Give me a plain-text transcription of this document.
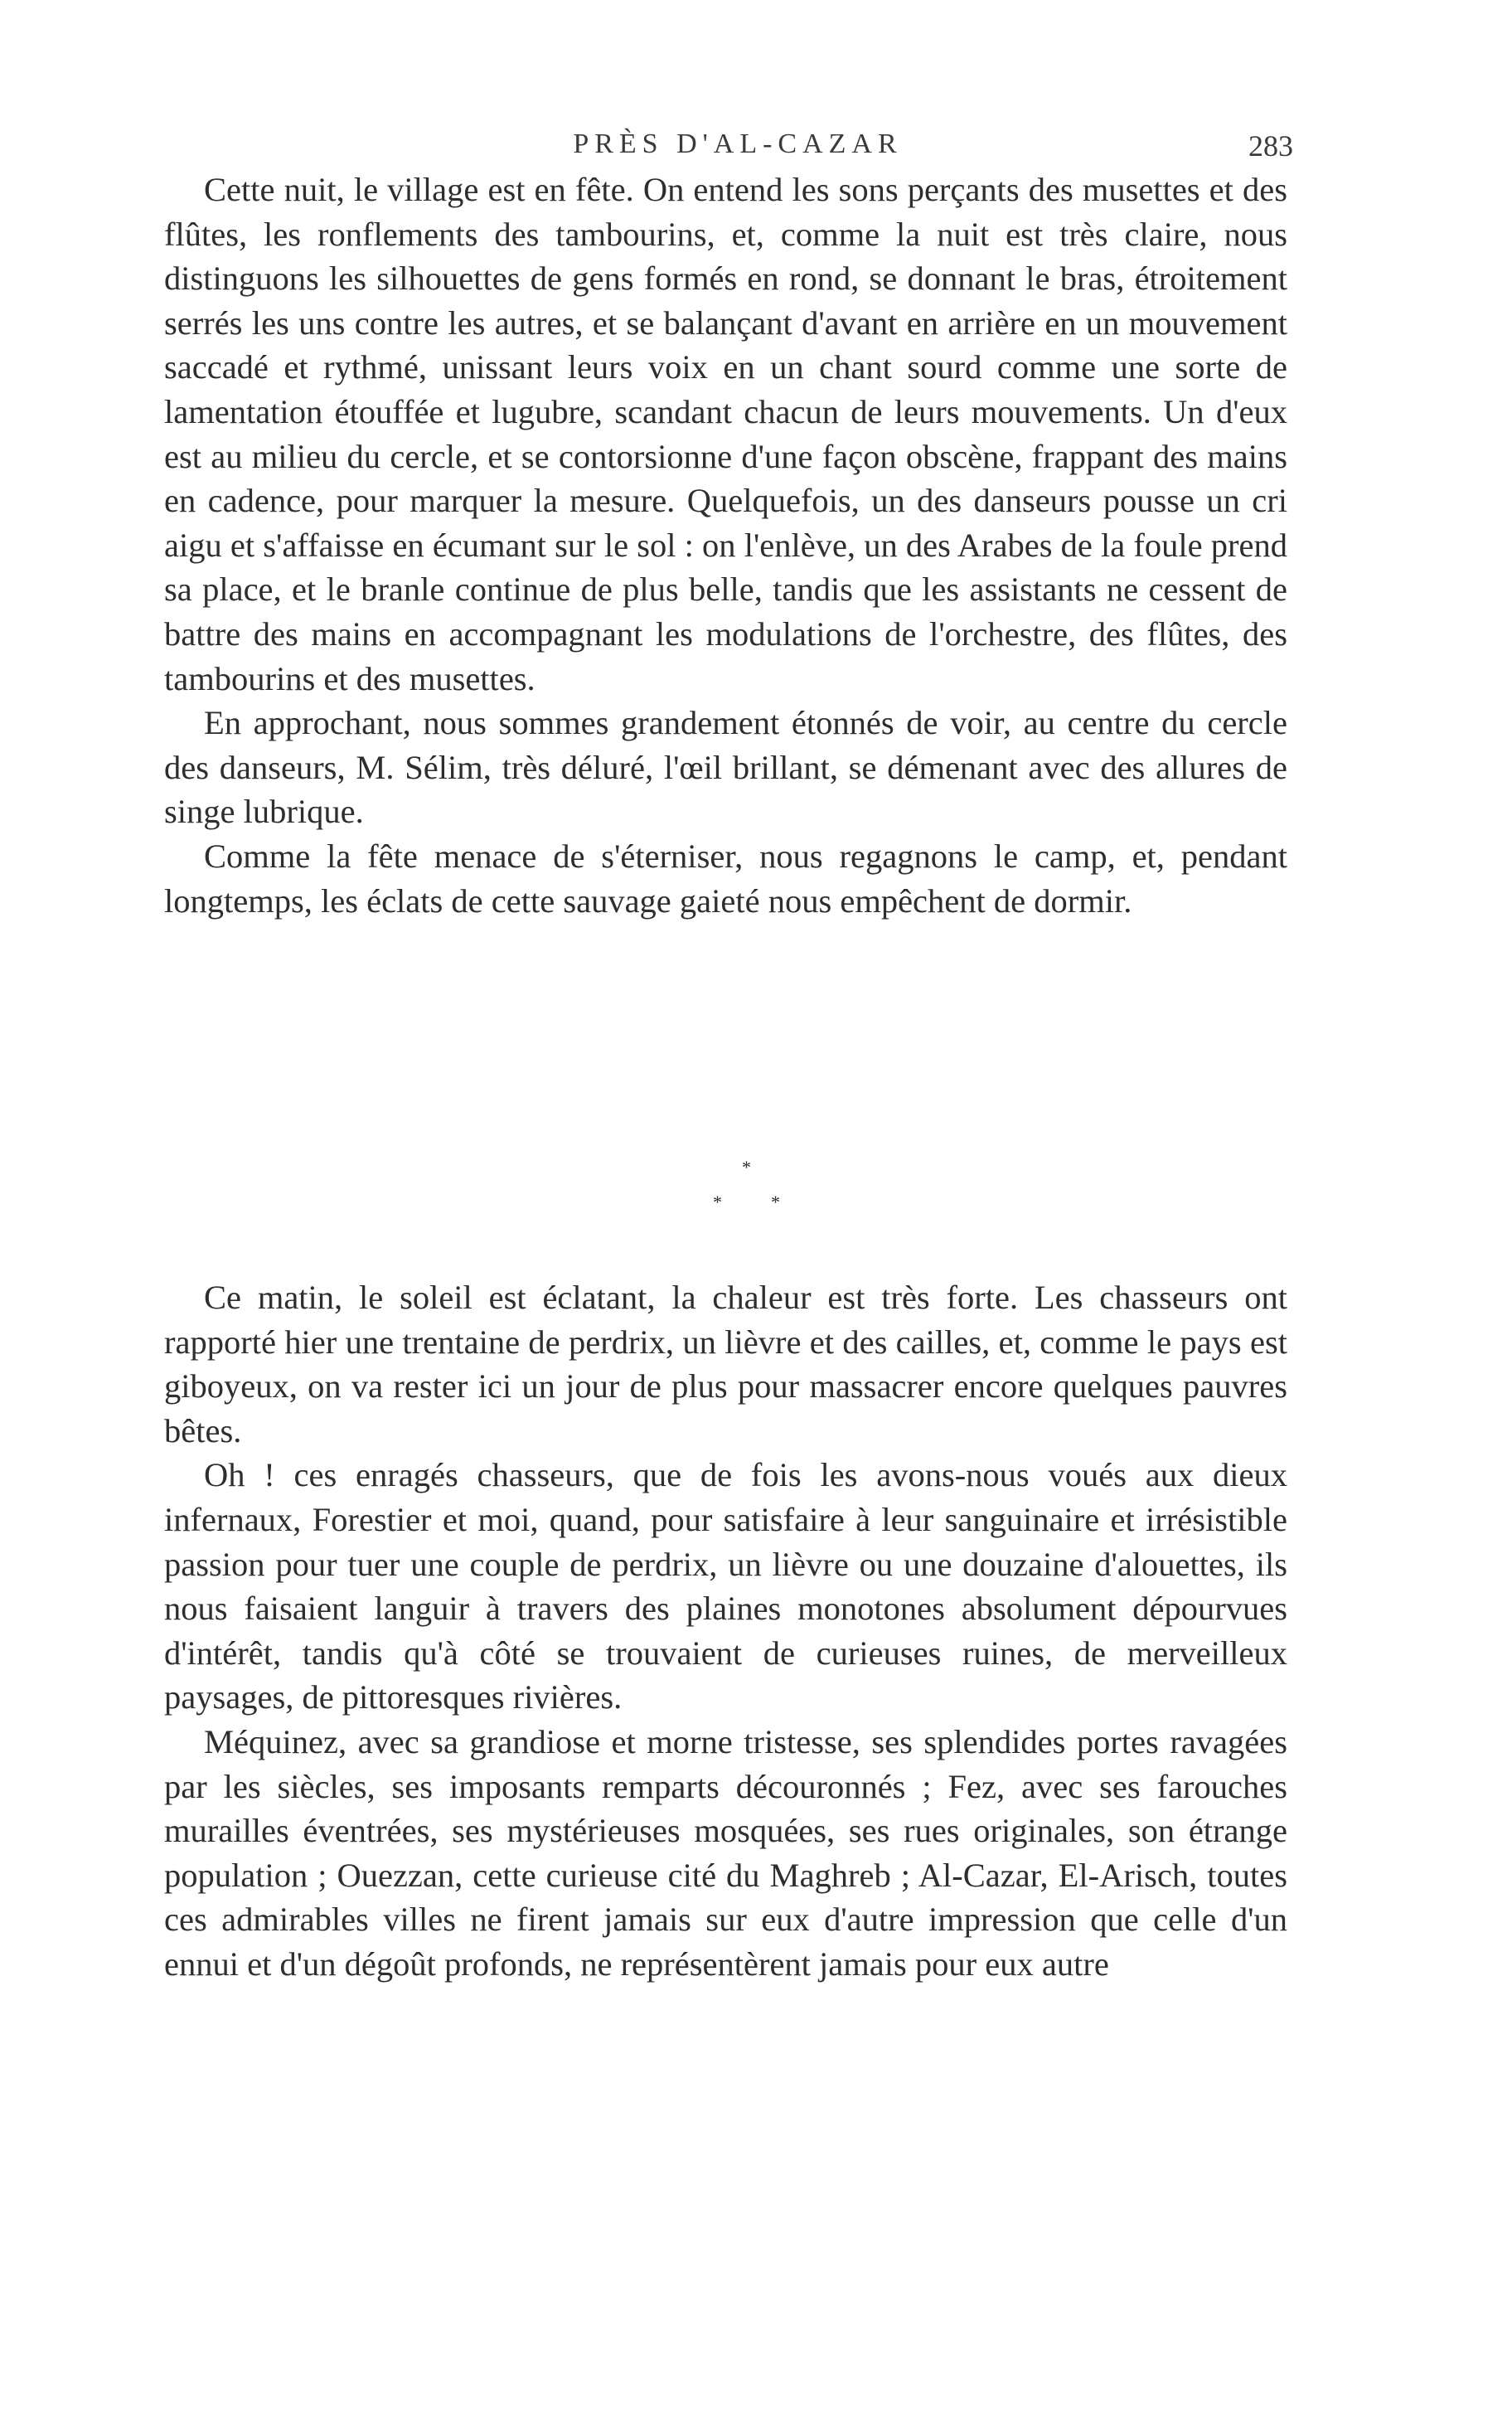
PRÈS D'AL-CAZAR	283

Cette nuit, le village est en fête. On entend les sons perçants des musettes et des flûtes, les ronflements des tambourins, et, comme la nuit est très claire, nous distinguons les silhouettes de gens formés en rond, se donnant le bras, étroitement serrés les uns contre les autres, et se balançant d'avant en arrière en un mouvement saccadé et rythmé, unissant leurs voix en un chant sourd comme une sorte de lamentation étouffée et lugubre, scandant chacun de leurs mouvements. Un d'eux est au milieu du cercle, et se contorsionne d'une façon obscène, frappant des mains en cadence, pour marquer la mesure. Quelquefois, un des danseurs pousse un cri aigu et s'affaisse en écumant sur le sol : on l'enlève, un des Arabes de la foule prend sa place, et le branle continue de plus belle, tandis que les assistants ne cessent de battre des mains en accompagnant les modulations de l'orchestre, des flûtes, des tambourins et des musettes.

En approchant, nous sommes grandement étonnés de voir, au centre du cercle des danseurs, M. Sélim, très déluré, l'œil brillant, se démenant avec des allures de singe lubrique.

Comme la fête menace de s'éterniser, nous regagnons le camp, et, pendant longtemps, les éclats de cette sauvage gaieté nous empêchent de dormir.

*
*	*

Ce matin, le soleil est éclatant, la chaleur est très forte. Les chasseurs ont rapporté hier une trentaine de perdrix, un lièvre et des cailles, et, comme le pays est giboyeux, on va rester ici un jour de plus pour massacrer encore quelques pauvres bêtes.

Oh ! ces enragés chasseurs, que de fois les avons-nous voués aux dieux infernaux, Forestier et moi, quand, pour satisfaire à leur sanguinaire et irrésistible passion pour tuer une couple de perdrix, un lièvre ou une douzaine d'alouettes, ils nous faisaient languir à travers des plaines monotones absolument dépourvues d'intérêt, tandis qu'à côté se trouvaient de curieuses ruines, de merveilleux paysages, de pittoresques rivières.

Méquinez, avec sa grandiose et morne tristesse, ses splendides portes ravagées par les siècles, ses imposants remparts découronnés ; Fez, avec ses farouches murailles éventrées, ses mystérieuses mosquées, ses rues originales, son étrange population ; Ouezzan, cette curieuse cité du Maghreb ; Al-Cazar, El-Arisch, toutes ces admirables villes ne firent jamais sur eux d'autre impression que celle d'un ennui et d'un dégoût profonds, ne représentèrent jamais pour eux autre
